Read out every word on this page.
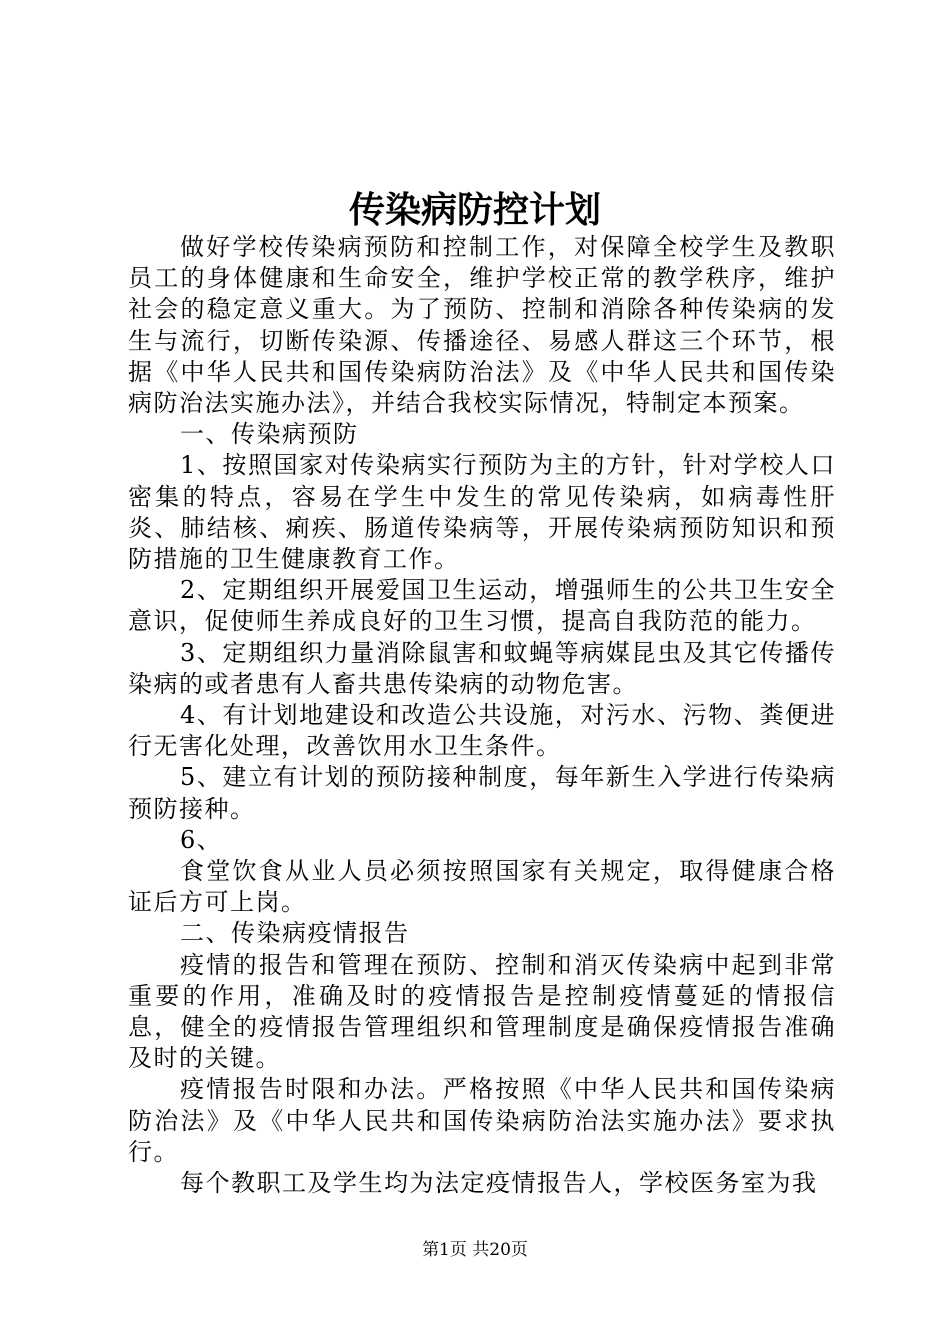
传染病防控计划

做好学校传染病预防和控制工作，对保障全校学生及教职员工的身体健康和生命安全，维护学校正常的教学秩序，维护社会的稳定意义重大。为了预防、控制和消除各种传染病的发生与流行，切断传染源、传播途径、易感人群这三个环节，根据《中华人民共和国传染病防治法》及《中华人民共和国传染病防治法实施办法》，并结合我校实际情况，特制定本预案。

一、传染病预防

1、按照国家对传染病实行预防为主的方针，针对学校人口密集的特点，容易在学生中发生的常见传染病，如病毒性肝炎、肺结核、痢疾、肠道传染病等，开展传染病预防知识和预防措施的卫生健康教育工作。

2、定期组织开展爱国卫生运动，增强师生的公共卫生安全意识，促使师生养成良好的卫生习惯，提高自我防范的能力。

3、定期组织力量消除鼠害和蚊蝇等病媒昆虫及其它传播传染病的或者患有人畜共患传染病的动物危害。

4、有计划地建设和改造公共设施，对污水、污物、粪便进行无害化处理，改善饮用水卫生条件。

5、建立有计划的预防接种制度，每年新生入学进行传染病预防接种。

6、

食堂饮食从业人员必须按照国家有关规定，取得健康合格证后方可上岗。

二、传染病疫情报告

疫情的报告和管理在预防、控制和消灭传染病中起到非常重要的作用，准确及时的疫情报告是控制疫情蔓延的情报信息，健全的疫情报告管理组织和管理制度是确保疫情报告准确及时的关键。

疫情报告时限和办法。严格按照《中华人民共和国传染病防治法》及《中华人民共和国传染病防治法实施办法》要求执行。

每个教职工及学生均为法定疫情报告人，学校医务室为我

第1页 共20页
